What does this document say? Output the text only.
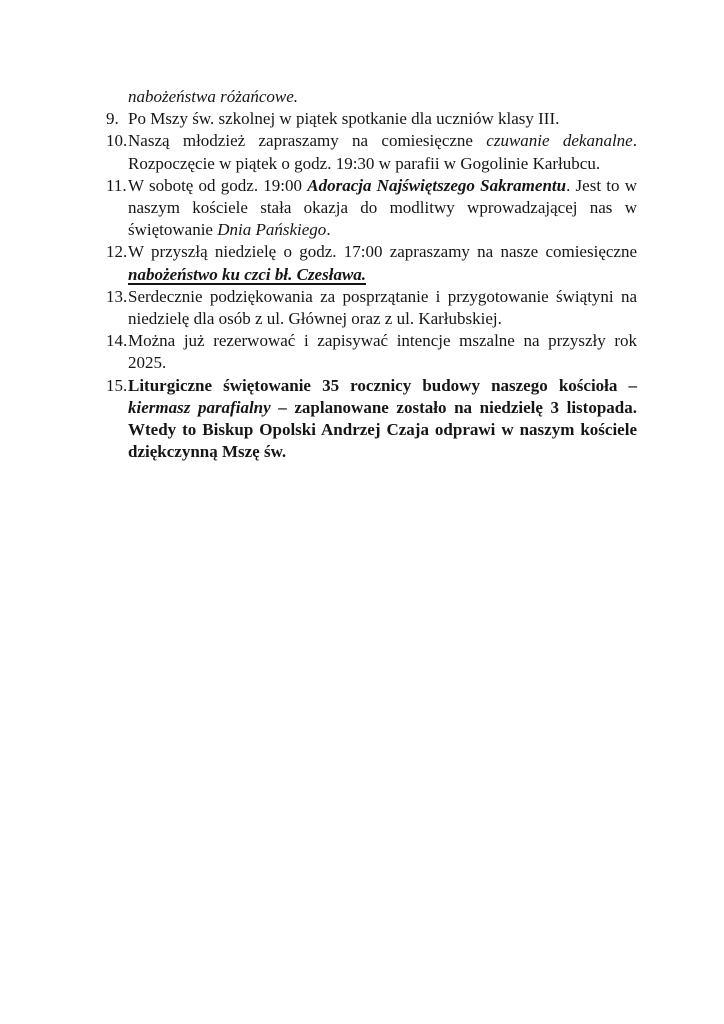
nabożeństwa różańcowe.

9. Po Mszy św. szkolnej w piątek spotkanie dla uczniów klasy III.

10.Naszą młodzież zapraszamy na comiesięczne czuwanie dekanalne. Rozpoczęcie w piątek o godz. 19:30 w parafii w Gogolinie Karłubcu.

11.W sobotę od godz. 19:00 Adoracja Najświętszego Sakramentu. Jest to w naszym kościele stała okazja do modlitwy wprowadzającej nas w świętowanie Dnia Pańskiego.

12.W przyszłą niedzielę o godz. 17:00 zapraszamy na nasze comiesięczne nabożeństwo ku czci bł. Czesława.

13.Serdecznie podziękowania za posprzątanie i przygotowanie świątyni na niedzielę dla osób z ul. Głównej oraz z ul. Karłubskiej.

14.Można już rezerwować i zapisywać intencje mszalne na przyszły rok 2025.

15.Liturgiczne świętowanie 35 rocznicy budowy naszego kościoła – kiermasz parafialny – zaplanowane zostało na niedzielę 3 listopada. Wtedy to Biskup Opolski Andrzej Czaja odprawi w naszym kościele dziękczynną Mszę św.
